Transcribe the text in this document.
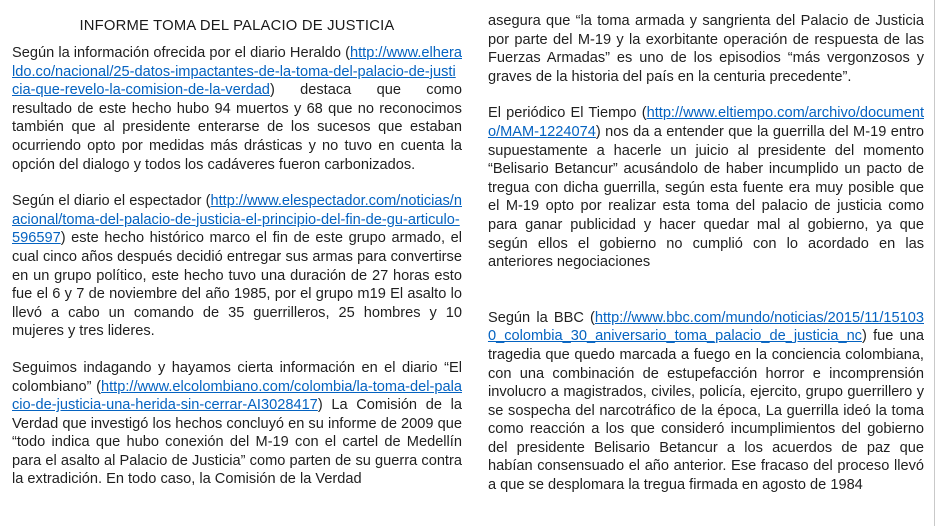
INFORME TOMA DEL PALACIO DE JUSTICIA

Según la información ofrecida por el diario Heraldo (http://www.elheraldo.co/nacional/25-datos-impactantes-de-la-toma-del-palacio-de-justicia-que-revelo-la-comision-de-la-verdad) destaca que como resultado de este hecho hubo 94 muertos y 68 que no reconocimos también que al presidente enterarse de los sucesos que estaban ocurriendo opto por medidas más drásticas y no tuvo en cuenta la opción del dialogo y todos los cadáveres fueron carbonizados.

Según el diario el espectador (http://www.elespectador.com/noticias/nacional/toma-del-palacio-de-justicia-el-principio-del-fin-de-gu-articulo-596597) este hecho histórico marco el fin de este grupo armado, el cual cinco años después decidió entregar sus armas para convertirse en un grupo político, este hecho tuvo una duración de 27 horas esto fue el 6 y 7 de noviembre del año 1985, por el grupo m19 El asalto lo llevó a cabo un comando de 35 guerrilleros, 25 hombres y 10 mujeres y tres lideres.

Seguimos indagando y hayamos cierta información en el diario “El colombiano” (http://www.elcolombiano.com/colombia/la-toma-del-palacio-de-justicia-una-herida-sin-cerrar-AI3028417) La Comisión de la Verdad que investigó los hechos concluyó en su informe de 2009 que “todo indica que hubo conexión del M-19 con el cartel de Medellín para el asalto al Palacio de Justicia” como parten de su guerra contra la extradición. En todo caso, la Comisión de la Verdad

asegura que “la toma armada y sangrienta del Palacio de Justicia por parte del M-19 y la exorbitante operación de respuesta de las Fuerzas Armadas” es uno de los episodios “más vergonzosos y graves de la historia del país en la centuria precedente”.

El periódico El Tiempo (http://www.eltiempo.com/archivo/documento/MAM-1224074) nos da a entender que la guerrilla del M-19 entro supuestamente a hacerle un juicio al presidente del momento “Belisario Betancur” acusándolo de haber incumplido un pacto de tregua con dicha guerrilla, según esta fuente era muy posible que el M-19 opto por realizar esta toma del palacio de justicia como para ganar publicidad y hacer quedar mal al gobierno, ya que según ellos el gobierno no cumplió con lo acordado en las anteriores negociaciones

Según la BBC (http://www.bbc.com/mundo/noticias/2015/11/151030_colombia_30_aniversario_toma_palacio_de_justicia_nc) fue una tragedia que quedo marcada a fuego en la conciencia colombiana, con una combinación de estupefacción horror e incomprensión involucro a magistrados, civiles, policía, ejercito, grupo guerrillero y se sospecha del narcotráfico de la época, La guerrilla ideó la toma como reacción a los que consideró incumplimientos del gobierno del presidente Belisario Betancur a los acuerdos de paz que habían consensuado el año anterior. Ese fracaso del proceso llevó a que se desplomara la tregua firmada en agosto de 1984
